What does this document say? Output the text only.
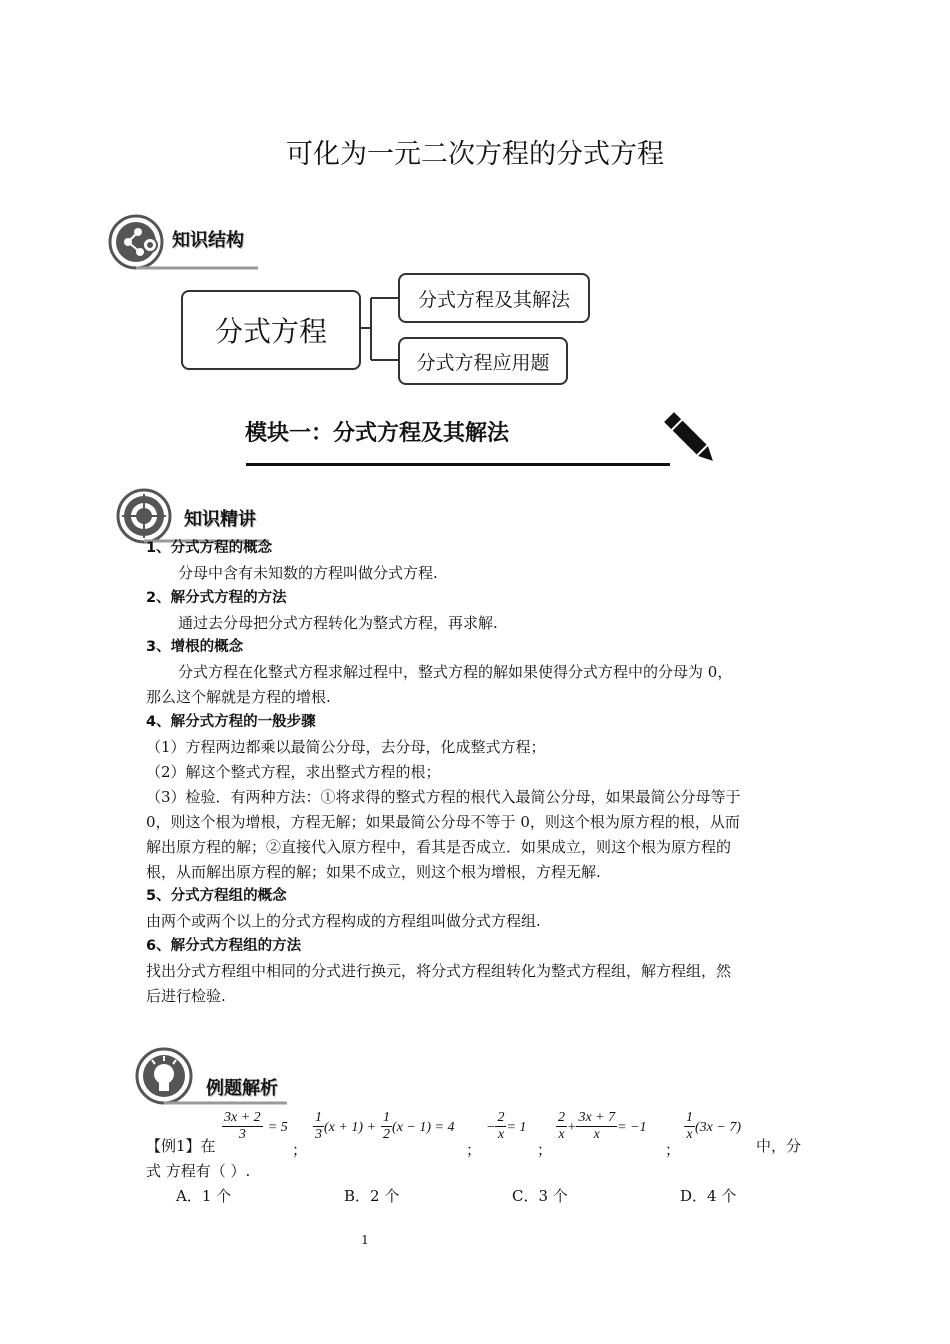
可化为一元二次方程的分式方程
知识结构
分式方程
分式方程及其解法
分式方程应用题
模块一：分式方程及其解法
知识精讲
1、分式方程的概念
分母中含有未知数的方程叫做分式方程.
2、解分式方程的方法
通过去分母把分式方程转化为整式方程，再求解.
3、增根的概念
分式方程在化整式方程求解过程中，整式方程的解如果使得分式方程中的分母为 0，
那么这个解就是方程的增根.
4、解分式方程的一般步骤
（1）方程两边都乘以最简公分母，去分母，化成整式方程；
（2）解这个整式方程，求出整式方程的根；
（3）检验．有两种方法：①将求得的整式方程的根代入最简公分母，如果最简公分母等于
0，则这个根为增根，方程无解；如果最简公分母不等于 0，则这个根为原方程的根，从而
解出原方程的解；②直接代入原方程中，看其是否成立．如果成立，则这个根为原方程的
根，从而解出原方程的解；如果不成立，则这个根为增根，方程无解.
5、分式方程组的概念
由两个或两个以上的分式方程构成的方程组叫做分式方程组.
6、解分式方程组的方法
找出分式方程组中相同的分式进行换元，将分式方程组转化为整式方程组，解方程组，然
后进行检验.
例题解析
【例1】在
$\frac{3x + 2}{3} = 5$
；
$\frac{1}{3} (x + 1) + \frac{1}{2} (x - 1) = 4$
；
− $\frac{2}{x} = 1$
；
$\frac{2}{x} + \frac{3x + 7}{x} = -1$
；
$\frac{1}{x} (3x - 7)$
中，分
式 方程有（ ）.
A．1 个	B．2 个	C．3 个	D．4 个
1
